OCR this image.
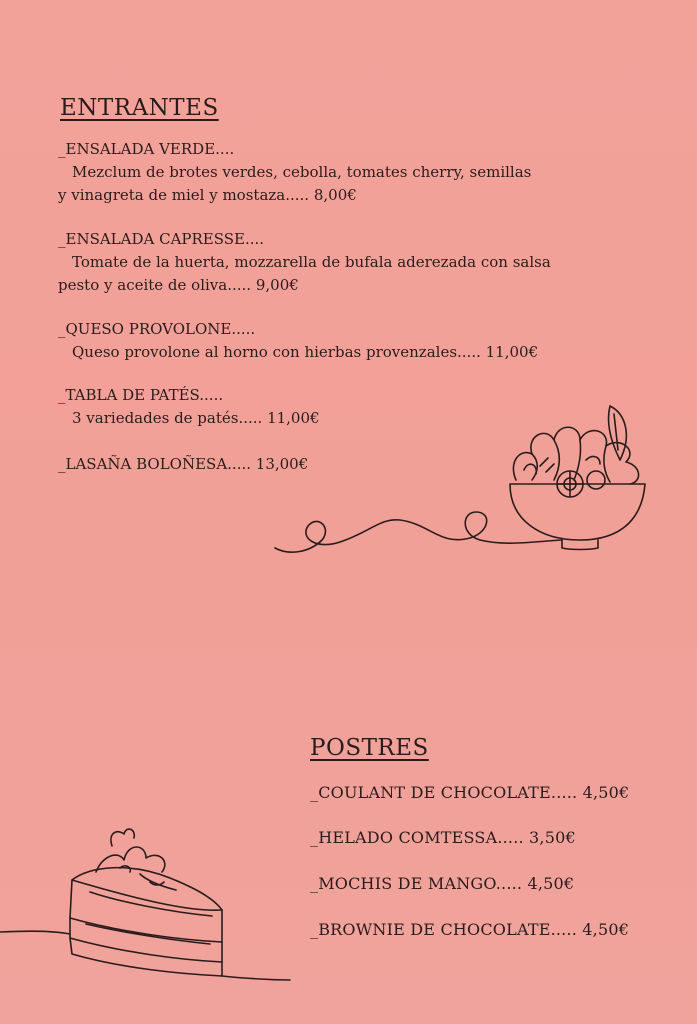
ENTRANTES
_ENSALADA VERDE....
Mezclum de brotes verdes, cebolla, tomates cherry, semillas
y vinagreta de miel y mostaza..... 8,00€
_ENSALADA CAPRESSE....
Tomate de la huerta, mozzarella de bufala aderezada con salsa
pesto y aceite de oliva..... 9,00€
_QUESO PROVOLONE.....
Queso provolone al horno con hierbas provenzales..... 11,00€
_TABLA DE PATÉS.....
3 variedades de patés..... 11,00€
_LASAÑA BOLOÑESA..... 13,00€
POSTRES
_COULANT DE CHOCOLATE..... 4,50€
_HELADO COMTESSA..... 3,50€
_MOCHIS DE MANGO..... 4,50€
_BROWNIE DE CHOCOLATE..... 4,50€
